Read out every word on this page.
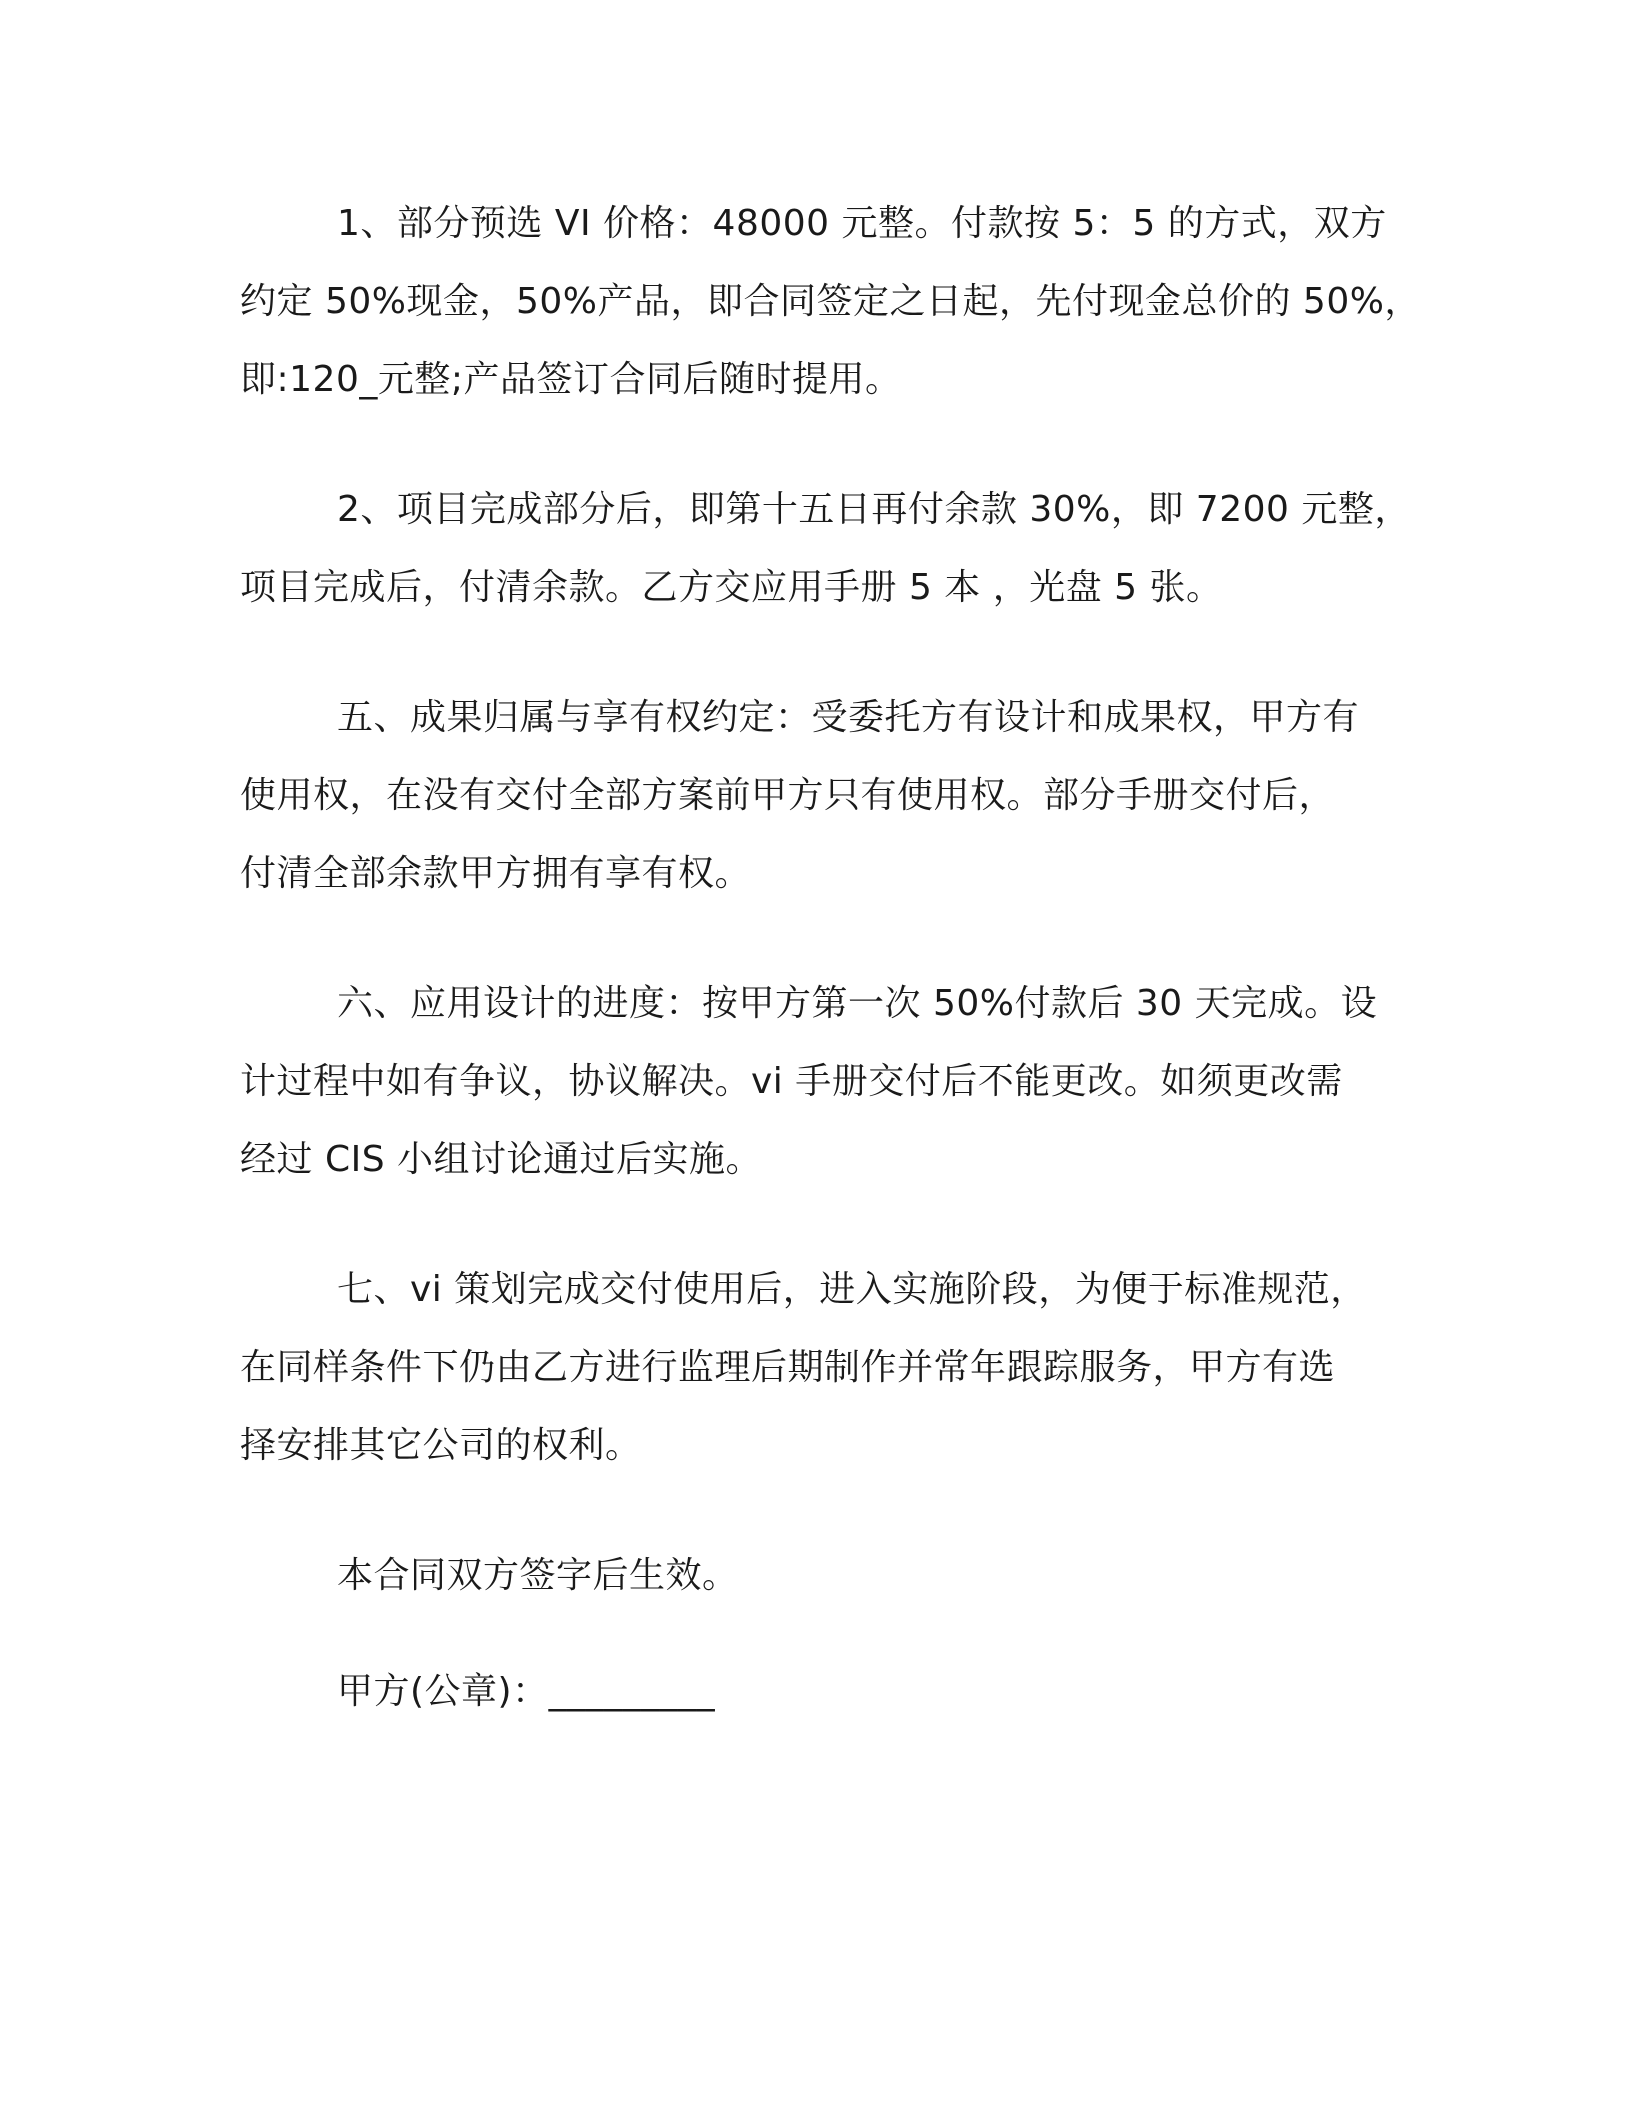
1、部分预选 VI 价格：48000 元整。付款按 5：5 的方式，双方
约定 50%现金，50%产品，即合同签定之日起，先付现金总价的 50%，
即:120_元整;产品签订合同后随时提用。
2、项目完成部分后，即第十五日再付余款 30%，即 7200 元整，
项目完成后，付清余款。乙方交应用手册 5 本 ，光盘 5 张。
五、成果归属与享有权约定：受委托方有设计和成果权，甲方有
使用权，在没有交付全部方案前甲方只有使用权。部分手册交付后，
付清全部余款甲方拥有享有权。
六、应用设计的进度：按甲方第一次 50%付款后 30 天完成。设
计过程中如有争议，协议解决。vi 手册交付后不能更改。如须更改需
经过 CIS 小组讨论通过后实施。
七、vi 策划完成交付使用后，进入实施阶段，为便于标准规范，
在同样条件下仍由乙方进行监理后期制作并常年跟踪服务，甲方有选
择安排其它公司的权利。
本合同双方签字后生效。
甲方(公章)：_________
